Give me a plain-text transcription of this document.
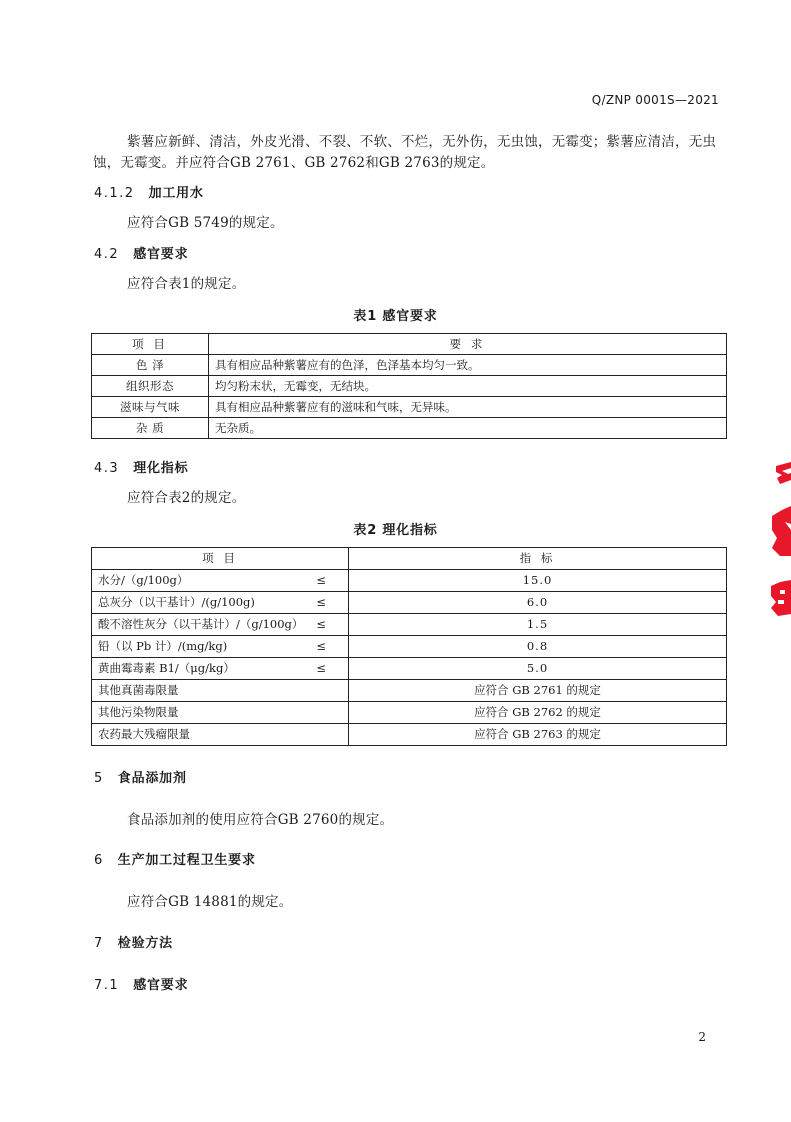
Q/ZNP 0001S—2021
紫薯应新鲜、清洁，外皮光滑、不裂、不软、不烂，无外伤，无虫蚀，无霉变；紫薯应清洁，无虫
蚀，无霉变。并应符合GB 2761、GB 2762和GB 2763的规定。
4.1.2 加工用水
应符合GB 5749的规定。
4.2 感官要求
应符合表1的规定。
表1 感官要求
项 目	要 求
色 泽	具有相应品种紫薯应有的色泽，色泽基本均匀一致。
组织形态	均匀粉末状，无霉变，无结块。
滋味与气味	具有相应品种紫薯应有的滋味和气味，无异味。
杂 质	无杂质。
4.3 理化指标
应符合表2的规定。
表2 理化指标
项 目	指 标
水分/（g/100g） ≤	15.0
总灰分（以干基计）/(g/100g) ≤	6.0
酸不溶性灰分（以干基计）/（g/100g） ≤	1.5
铅（以 Pb 计）/(mg/kg) ≤	0.8
黄曲霉毒素 B1/（μg/kg） ≤	5.0
其他真菌毒限量	应符合 GB 2761 的规定
其他污染物限量	应符合 GB 2762 的规定
农药最大残瘤限量	应符合 GB 2763 的规定
5 食品添加剂
食品添加剂的使用应符合GB 2760的规定。
6 生产加工过程卫生要求
应符合GB 14881的规定。
7 检验方法
7.1 感官要求
2
